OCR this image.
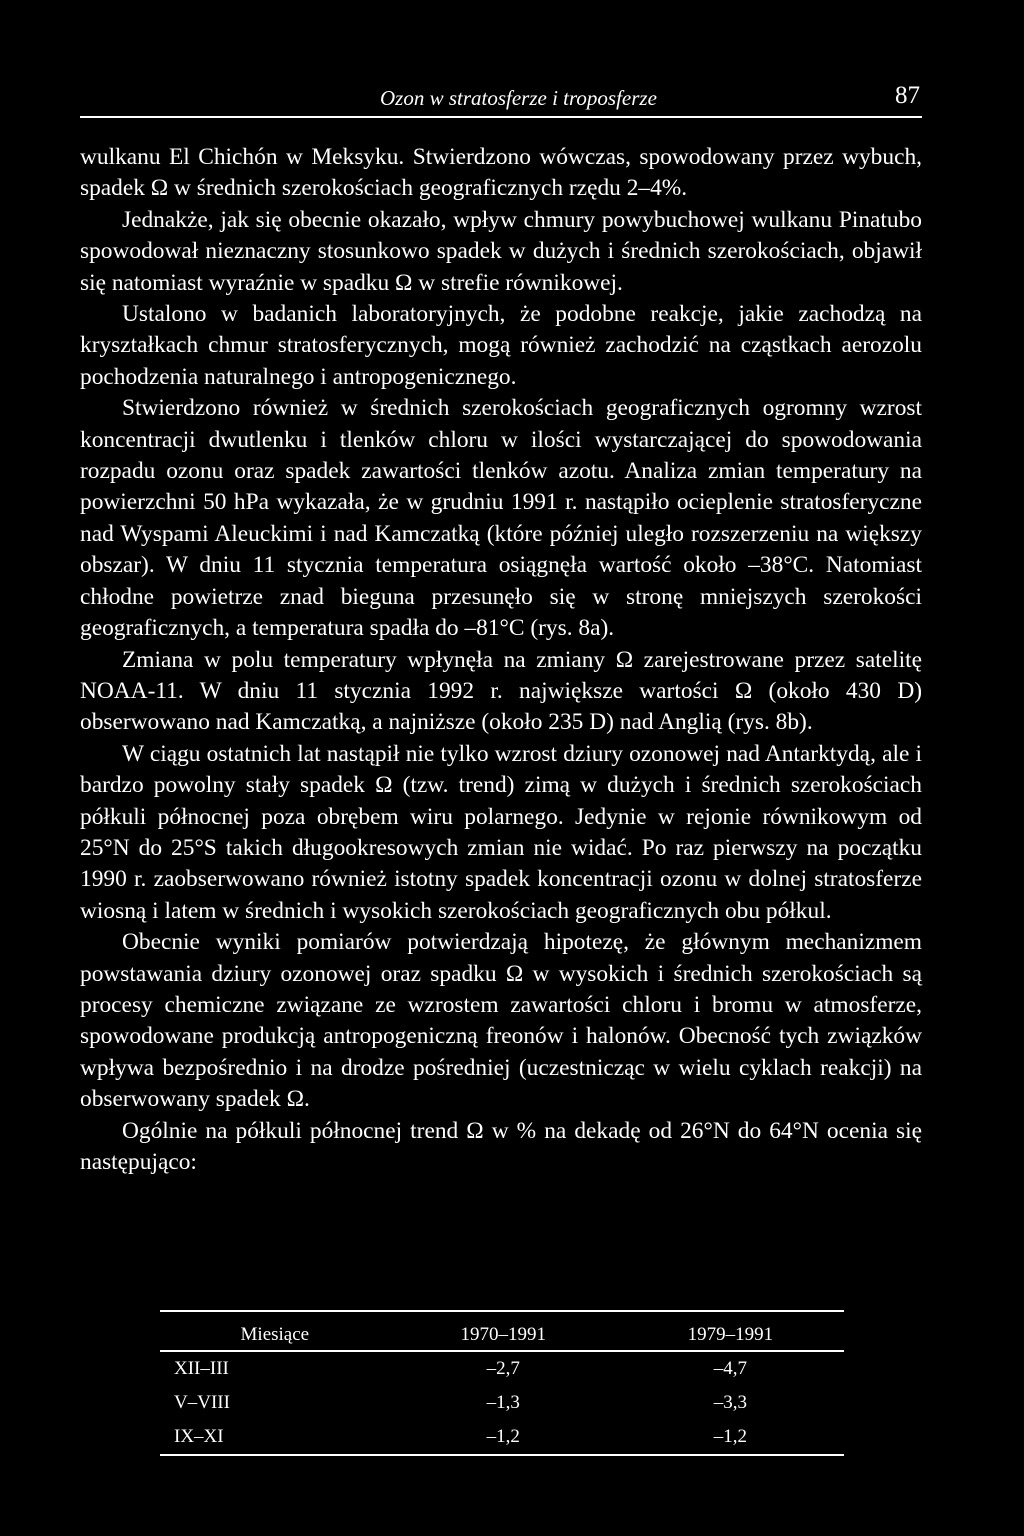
Ozon w stratosferze i troposferze	87

wulkanu El Chichón w Meksyku. Stwierdzono wówczas, spowodowany przez wybuch, spadek Ω w średnich szerokościach geograficznych rzędu 2–4%.

Jednakże, jak się obecnie okazało, wpływ chmury powybuchowej wulkanu Pinatubo spowodował nieznaczny stosunkowo spadek w dużych i średnich szerokościach, objawił się natomiast wyraźnie w spadku Ω w strefie równikowej.

Ustalono w badanich laboratoryjnych, że podobne reakcje, jakie zachodzą na kryształkach chmur stratosferycznych, mogą również zachodzić na cząstkach aerozolu pochodzenia naturalnego i antropogenicznego.

Stwierdzono również w średnich szerokościach geograficznych ogromny wzrost koncentracji dwutlenku i tlenków chloru w ilości wystarczającej do spowodowania rozpadu ozonu oraz spadek zawartości tlenków azotu. Analiza zmian temperatury na powierzchni 50 hPa wykazała, że w grudniu 1991 r. nastąpiło ocieplenie stratosferyczne nad Wyspami Aleuckimi i nad Kamczatką (które później uległo rozszerzeniu na większy obszar). W dniu 11 stycznia temperatura osiągnęła wartość około –38°C. Natomiast chłodne powietrze znad bieguna przesunęło się w stronę mniejszych szerokości geograficznych, a temperatura spadła do –81°C (rys. 8a).

Zmiana w polu temperatury wpłynęła na zmiany Ω zarejestrowane przez satelitę NOAA-11. W dniu 11 stycznia 1992 r. największe wartości Ω (około 430 D) obserwowano nad Kamczatką, a najniższe (około 235 D) nad Anglią (rys. 8b).

W ciągu ostatnich lat nastąpił nie tylko wzrost dziury ozonowej nad Antarktydą, ale i bardzo powolny stały spadek Ω (tzw. trend) zimą w dużych i średnich szerokościach półkuli północnej poza obrębem wiru polarnego. Jedynie w rejonie równikowym od 25°N do 25°S takich długookresowych zmian nie widać. Po raz pierwszy na początku 1990 r. zaobserwowano również istotny spadek koncentracji ozonu w dolnej stratosferze wiosną i latem w średnich i wysokich szerokościach geograficznych obu półkul.

Obecnie wyniki pomiarów potwierdzają hipotezę, że głównym mechanizmem powstawania dziury ozonowej oraz spadku Ω w wysokich i średnich szerokościach są procesy chemiczne związane ze wzrostem zawartości chloru i bromu w atmosferze, spowodowane produkcją antropogeniczną freonów i halonów. Obecność tych związków wpływa bezpośrednio i na drodze pośredniej (uczestnicząc w wielu cyklach reakcji) na obserwowany spadek Ω.

Ogólnie na półkuli północnej trend Ω w % na dekadę od 26°N do 64°N ocenia się następująco:

Miesiące	1970–1991	1979–1991
XII–III	–2,7	–4,7
V–VIII	–1,3	–3,3
IX–XI	–1,2	–1,2
